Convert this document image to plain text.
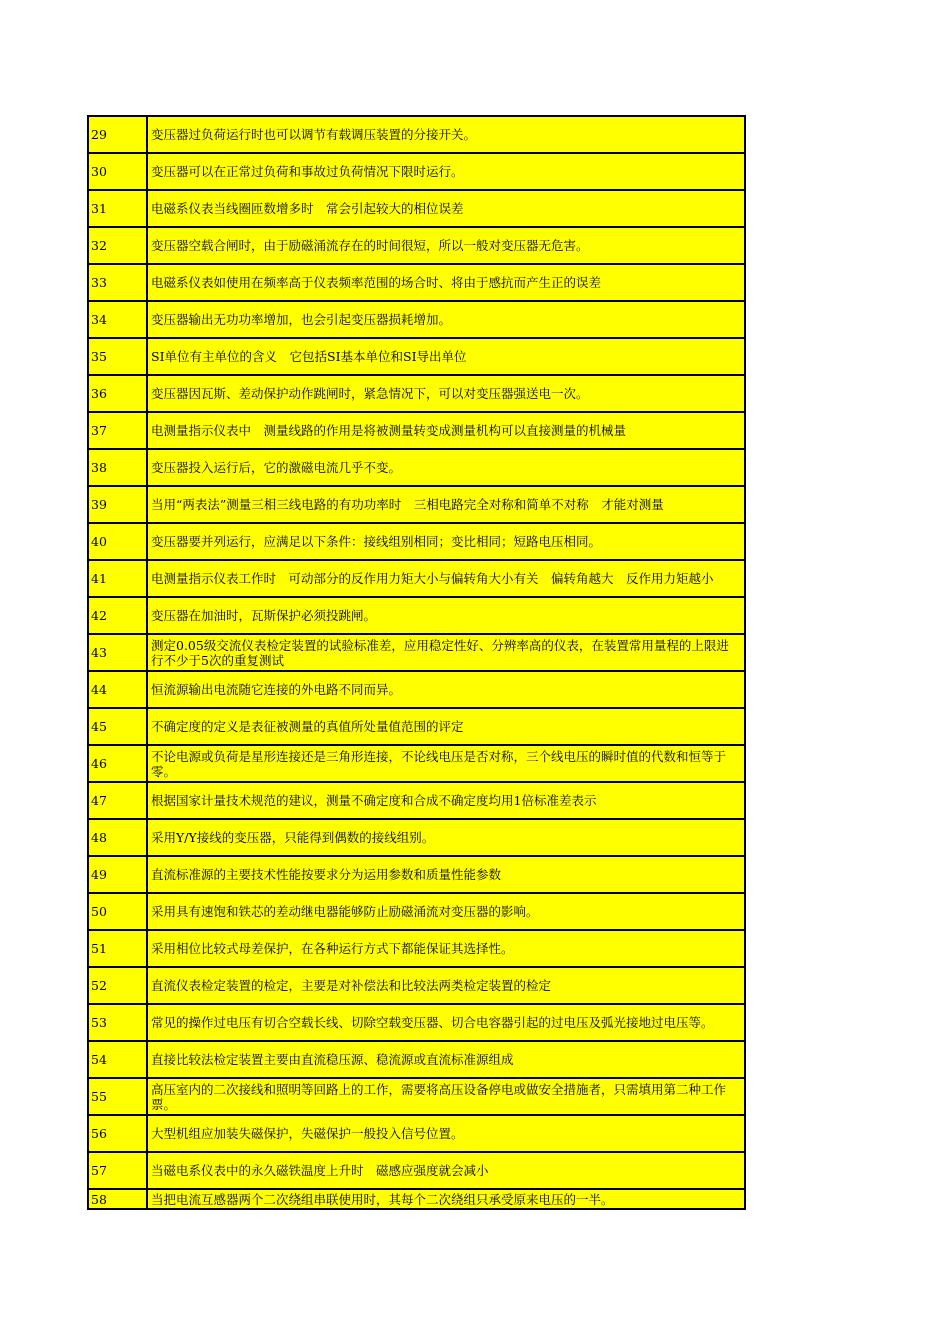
29	变压器过负荷运行时也可以调节有载调压装置的分接开关。
30	变压器可以在正常过负荷和事故过负荷情况下限时运行。
31	电磁系仪表当线圈匝数增多时　常会引起较大的相位误差
32	变压器空载合闸时，由于励磁涌流存在的时间很短，所以一般对变压器无危害。
33	电磁系仪表如使用在频率高于仪表频率范围的场合时、将由于感抗而产生正的误差
34	变压器输出无功功率增加，也会引起变压器损耗增加。
35	SI单位有主单位的含义　它包括SI基本单位和SI导出单位
36	变压器因瓦斯、差动保护动作跳闸时，紧急情况下，可以对变压器强送电一次。
37	电测量指示仪表中　测量线路的作用是将被测量转变成测量机构可以直接测量的机械量
38	变压器投入运行后，它的激磁电流几乎不变。
39	当用“两表法”测量三相三线电路的有功功率时　三相电路完全对称和简单不对称　才能对测量
40	变压器要并列运行，应满足以下条件：接线组别相同；变比相同；短路电压相同。
41	电测量指示仪表工作时　可动部分的反作用力矩大小与偏转角大小有关　偏转角越大　反作用力矩越小
42	变压器在加油时，瓦斯保护必须投跳闸。
43	测定0.05级交流仪表检定装置的试验标准差，应用稳定性好、分辨率高的仪表，在装置常用量程的上限进行不少于5次的重复测试
44	恒流源输出电流随它连接的外电路不同而异。
45	不确定度的定义是表征被测量的真值所处量值范围的评定
46	不论电源或负荷是星形连接还是三角形连接，不论线电压是否对称，三个线电压的瞬时值的代数和恒等于零。
47	根据国家计量技术规范的建议，测量不确定度和合成不确定度均用1倍标准差表示
48	采用Y/Y接线的变压器，只能得到偶数的接线组别。
49	直流标准源的主要技术性能按要求分为运用参数和质量性能参数
50	采用具有速饱和铁芯的差动继电器能够防止励磁涌流对变压器的影响。
51	采用相位比较式母差保护，在各种运行方式下都能保证其选择性。
52	直流仪表检定装置的检定，主要是对补偿法和比较法两类检定装置的检定
53	常见的操作过电压有切合空载长线、切除空载变压器、切合电容器引起的过电压及弧光接地过电压等。
54	直接比较法检定装置主要由直流稳压源、稳流源或直流标准源组成
55	高压室内的二次接线和照明等回路上的工作，需要将高压设备停电或做安全措施者，只需填用第二种工作票。
56	大型机组应加装失磁保护，失磁保护一般投入信号位置。
57	当磁电系仪表中的永久磁铁温度上升时　磁感应强度就会减小
58	当把电流互感器两个二次绕组串联使用时，其每个二次绕组只承受原来电压的一半。
